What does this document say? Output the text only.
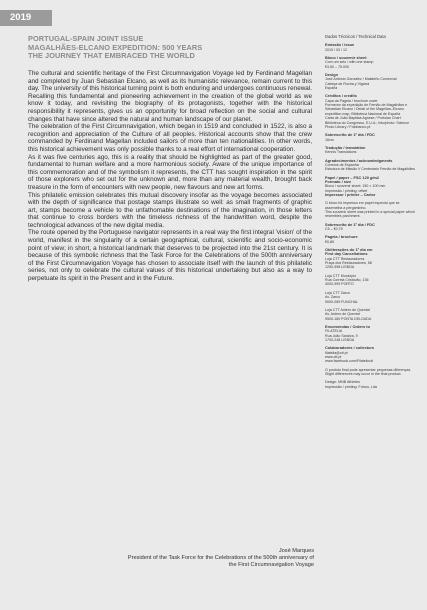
2019
PORTUGAL-SPAIN JOINT ISSUE
MAGALHÃES-ELCANO EXPEDITION: 500 YEARS
THE JOURNEY THAT EMBRACED THE WORLD

The cultural and scientific heritage of the First Circumnavigation Voyage led by Ferdinand Magellan and completed by Juan Sebastian Elcano, as well as its humanistic relevance, remain current to this day. The university of this historical turning point is both enduring and undergoes continuous renewal. Recalling this fundamental and pioneering achievement in the creation of the global world as we know it today, and revisiting the biography of its protagonists, together with the historical responsibility it represents, gives us an opportunity for broad reflection on the social and cultural changes that have since altered the natural and human landscape of our planet.

The celebration of the First Circumnavigation, which began in 1519 and concluded in 1522, is also a recognition and appreciation of the Culture of all peoples. Historical accounts show that the crew commanded by Ferdinand Magellan included sailors of more than ten nationalities. In other words, this historical achievement was only possible thanks to a real effort of international cooperation.

As it was five centuries ago, this is a reality that should be highlighted as part of the greater good, fundamental to human welfare and a more harmonious society. Aware of the unique importance of this commemoration and of the symbolism it represents, the CTT has sought inspiration in the spirit of those explorers who set out for the unknown and, more than any material wealth, brought back treasure in the form of encounters with new people, new flavours and new art forms.

This philatelic emission celebrates this mutual discovery insofar as the voyage becomes associated with the depth of significance that postage stamps illustrate so well: as small fragments of graphic art, stamps become a vehicle to the unfathomable destinations of the imagination, in those letters that continue to cross borders with the timeless richness of the handwritten word, despite the technological advances of the new digital media.

The route opened by the Portuguese navigator represents in a real way the first integral 'vision' of the world, manifest in the singularity of a certain geographical, cultural, scientific and socio-economic point of view; in short, a historical landmark that deserves to be projected into the 21st century. It is because of this symbolic richness that the Task Force for the Celebrations of the 500th anniversary of the First Circumnavigation Voyage has chosen to associate itself with the launch of this philatelic series, not only to celebrate the cultural values of this historical undertaking but also as a way to perpetuate its spirit in the Present and in the Future.

José Marques
President of the Task Force for the Celebrations of the 500th anniversary of
the First Circumnavigation Voyage
Dados Técnicos / Technical Data
Emissão / issue
2019 / 03 / 12
Bloco / souvenir sheet
Com um selo / with one stamp
€3,50 – 75.000
Design
José António González / Malaleño Comercial
Cabeça de Rocha y Vigarrá
España
Créditos / credits
Capa da Pagela / brochure cover
Pormenor da expedição de Fernão de Magalhães e
Sebastián Elcano / Detail of the Magellan–Elcano
expedition map, Biblioteca Nacional de España
Carta de João Baptista Agnese / Portolan Chart
Biblioteca do Congresso, E.U.A.; foto/photo: Science
Photo Library / Fotobanco.pt
Sobrescrito de 1º dia / FDC
16cm
Tradução / translation
Kennis Translations
Agradecimentos / acknowledgments
Correios de Espanha
Estrutura de Missão V Centenário Fernão de Magalhães
Papel / paper – FSC 120 g/m2
Formato / size
Bloco / souvenir sheet: 150 × 100 mm
Impressão / printing: offset
Impressor / printer – Cartor
O bloco foi impresso em papel especial que se
assemelha a pergaminho.
This souvenir sheet was printed in a special paper which
resembles parchment.
Sobrescrito de 1º dia / FDC
C5 – €0,75
Pagela / brochure
€0,85
Obliterações do 1º dia em
First day Cancellations
Loja CTT Restauradores
Praça dos Restauradores, 58
1250-998 LISBOA
Loja CTT Município
Rua Correia Cristóvão, 136
4000-999 PORTO
Loja CTT Zarco
Av. Zarco
9000-069 FUNCHAL
Loja CTT Antero de Quental
Av. Antero de Quental
9500-160 PONTA DELGADA
Encomendas / Orders to
FILATELIA
Rua João Saraiva, 9
1700-248 LISBOA
Colaboradores / collectors
filatelia@ctt.pt
www.ctt.pt
www.facebook.com/Filatelicctt
O produto final pode apresentar pequenas diferenças.
Slight differences may occur in the final product.
Design: MNB Athletes
Impressão / printing: Futuro, Lda
